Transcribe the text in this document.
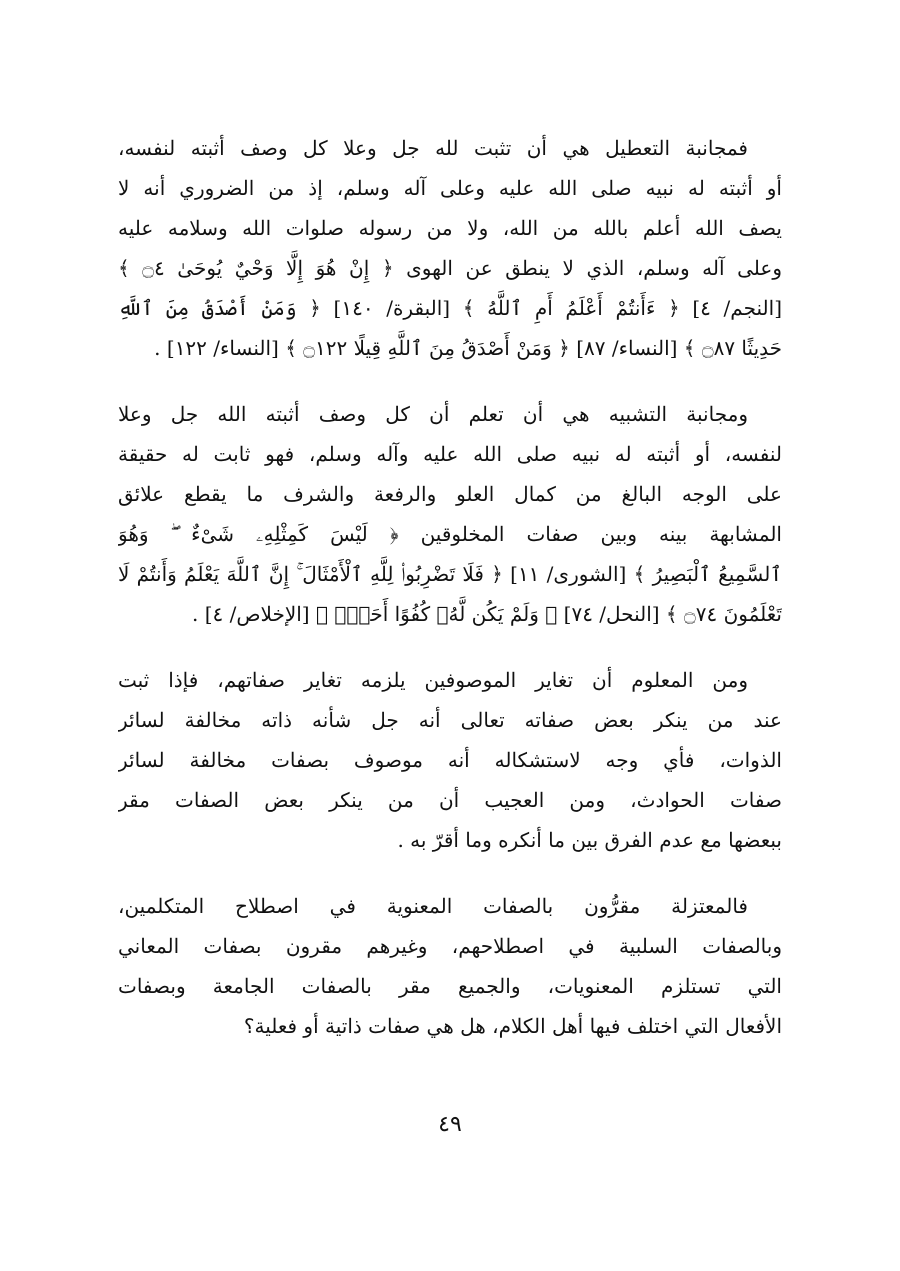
فمجانبة التعطيل هي أن تثبت لله جل وعلا كل وصف أثبته لنفسه،
أو أثبته له نبيه صلى الله عليه وعلى آله وسلم، إذ من الضروري أنه لا
يصف الله أعلم بالله من الله، ولا من رسوله صلوات الله وسلامه عليه
وعلى آله وسلم، الذي لا ينطق عن الهوى ﴿ إِنْ هُوَ إِلَّا وَحْيٌ يُوحَىٰ ۝٤ ﴾
[النجم/ ٤] ﴿ ءَأَنتُمْ أَعْلَمُ أَمِ ٱللَّهُ ﴾ [البقرة/ ١٤٠] ﴿ وَمَنْ أَصْدَقُ مِنَ ٱللَّهِ
حَدِيثًا ۝٨٧ ﴾ [النساء/ ٨٧] ﴿ وَمَنْ أَصْدَقُ مِنَ ٱللَّهِ قِيلًا ۝١٢٢ ﴾ [النساء/ ١٢٢] .
ومجانبة التشبيه هي أن تعلم أن كل وصف أثبته الله جل وعلا
لنفسه، أو أثبته له نبيه صلى الله عليه وآله وسلم، فهو ثابت له حقيقة
على الوجه البالغ من كمال العلو والرفعة والشرف ما يقطع علائق
المشابهة بينه وبين صفات المخلوقين ﴿ لَيْسَ كَمِثْلِهِۦ شَىْءٌ ۖ وَهُوَ
ٱلسَّمِيعُ ٱلْبَصِيرُ ﴾ [الشورى/ ١١] ﴿ فَلَا تَضْرِبُوا۟ لِلَّهِ ٱلْأَمْثَالَ ۚ إِنَّ ٱللَّهَ يَعْلَمُ وَأَنتُمْ لَا
تَعْلَمُونَ ۝٧٤ ﴾ [النحل/ ٧٤] ﴿ وَلَمْ يَكُن لَّهُۥ كُفُوًا أَحَدٌۢ ﴾ [الإخلاص/ ٤] .
ومن المعلوم أن تغاير الموصوفين يلزمه تغاير صفاتهم، فإذا ثبت
عند من ينكر بعض صفاته تعالى أنه جل شأنه ذاته مخالفة لسائر
الذوات، فأي وجه لاستشكاله أنه موصوف بصفات مخالفة لسائر
صفات الحوادث، ومن العجيب أن من ينكر بعض الصفات مقر
ببعضها مع عدم الفرق بين ما أنكره وما أقرّ به .
فالمعتزلة مقرُّون بالصفات المعنوية في اصطلاح المتكلمين،
وبالصفات السلبية في اصطلاحهم، وغيرهم مقرون بصفات المعاني
التي تستلزم المعنويات، والجميع مقر بالصفات الجامعة وبصفات
الأفعال التي اختلف فيها أهل الكلام، هل هي صفات ذاتية أو فعلية؟
٤٩
